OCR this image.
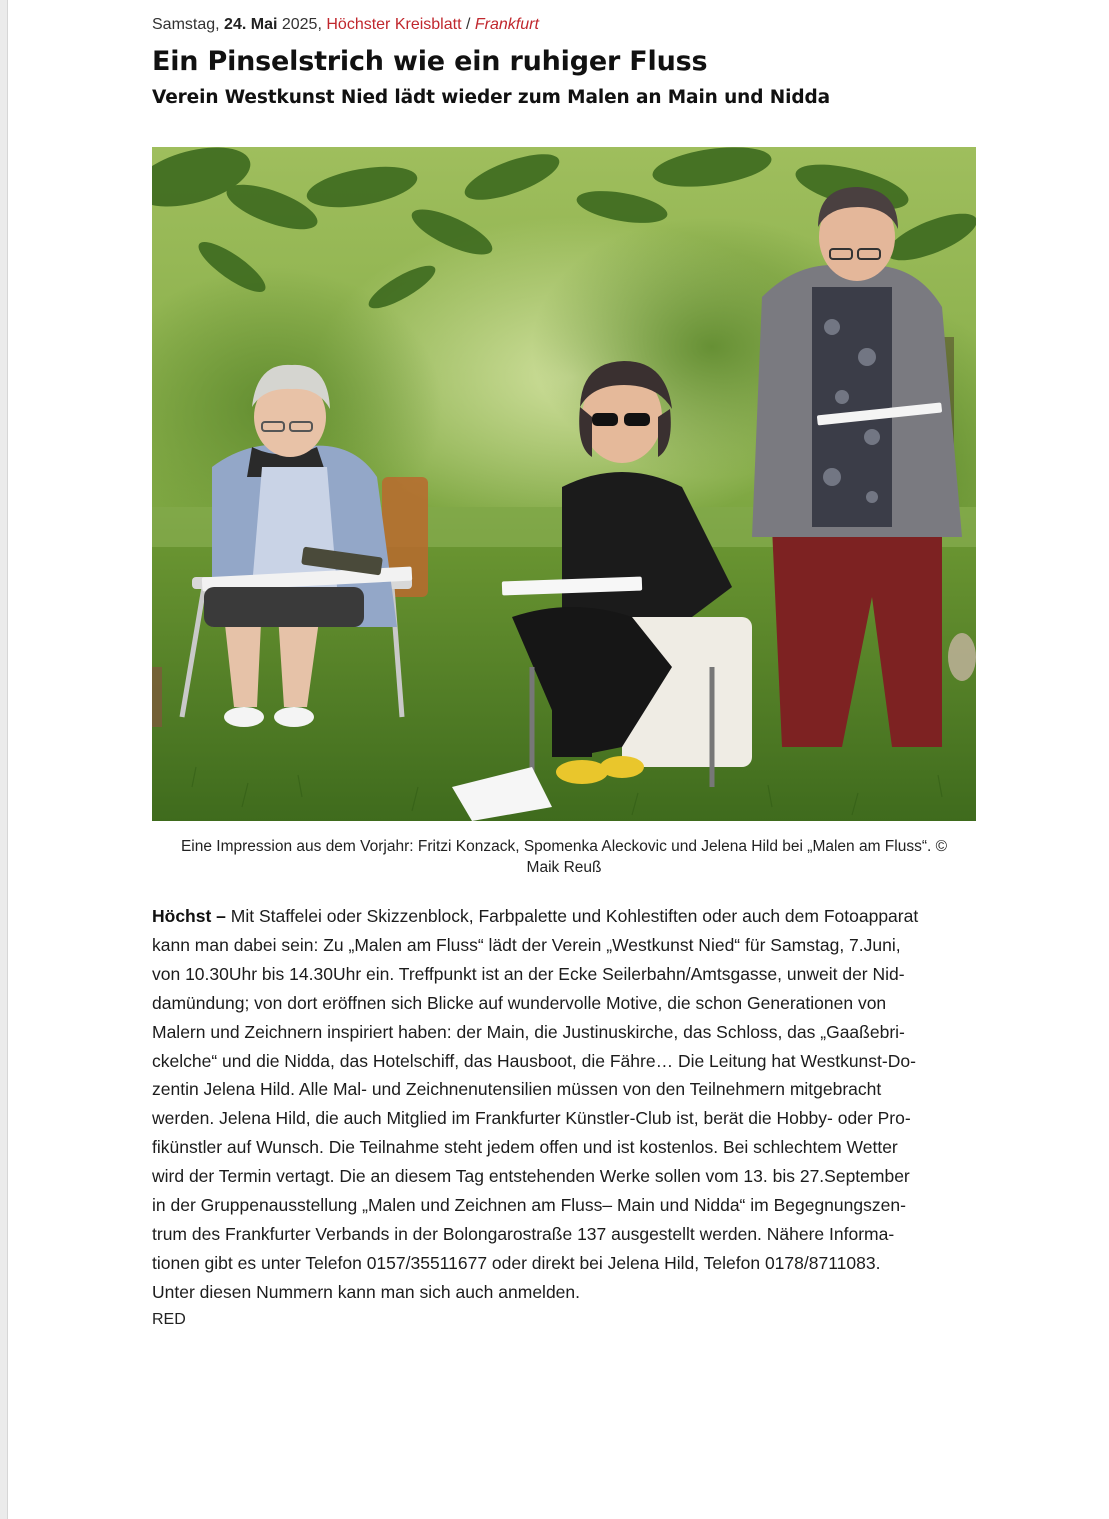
Samstag, 24. Mai 2025, Höchster Kreisblatt / Frankfurt
Ein Pinselstrich wie ein ruhiger Fluss
Verein Westkunst Nied lädt wieder zum Malen an Main und Nidda
Eine Impression aus dem Vorjahr: Fritzi Konzack, Spomenka Aleckovic und Jelena Hild bei „Malen am Fluss“. ©
Maik Reuß
Höchst – Mit Staffelei oder Skizzenblock, Farbpalette und Kohlestiften oder auch dem Fotoapparat
kann man dabei sein: Zu „Malen am Fluss“ lädt der Verein „Westkunst Nied“ für Samstag, 7.Juni,
von 10.30Uhr bis 14.30Uhr ein. Treffpunkt ist an der Ecke Seilerbahn/Amtsgasse, unweit der Nid-
damündung; von dort eröffnen sich Blicke auf wundervolle Motive, die schon Generationen von
Malern und Zeichnern inspiriert haben: der Main, die Justinuskirche, das Schloss, das „Gaaßebri-
ckelche“ und die Nidda, das Hotelschiff, das Hausboot, die Fähre… Die Leitung hat Westkunst-Do-
zentin Jelena Hild. Alle Mal- und Zeichnenutensilien müssen von den Teilnehmern mitgebracht
werden. Jelena Hild, die auch Mitglied im Frankfurter Künstler-Club ist, berät die Hobby- oder Pro-
fikünstler auf Wunsch. Die Teilnahme steht jedem offen und ist kostenlos. Bei schlechtem Wetter
wird der Termin vertagt. Die an diesem Tag entstehenden Werke sollen vom 13. bis 27.September
in der Gruppenausstellung „Malen und Zeichnen am Fluss– Main und Nidda“ im Begegnungszen-
trum des Frankfurter Verbands in der Bolongarostraße 137 ausgestellt werden. Nähere Informa-
tionen gibt es unter Telefon 0157/35511677 oder direkt bei Jelena Hild, Telefon 0178/8711083.
Unter diesen Nummern kann man sich auch anmelden.
RED
